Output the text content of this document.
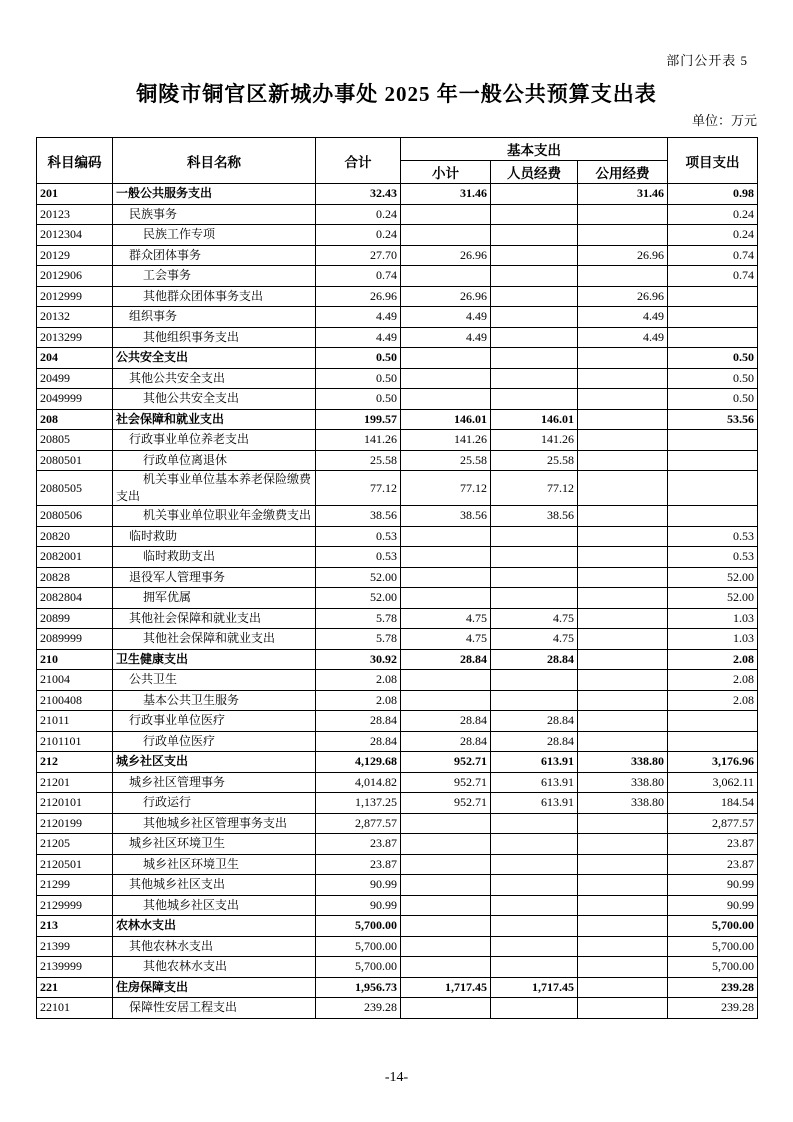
部门公开表 5
铜陵市铜官区新城办事处 2025 年一般公共预算支出表
单位：万元
科目编码	科目名称	合计	基本支出			项目支出
			小计	人员经费	公用经费	
201	一般公共服务支出	32.43	31.46		31.46	0.98
20123	民族事务	0.24				0.24
2012304	民族工作专项	0.24				0.24
20129	群众团体事务	27.70	26.96		26.96	0.74
2012906	工会事务	0.74				0.74
2012999	其他群众团体事务支出	26.96	26.96		26.96	
20132	组织事务	4.49	4.49		4.49	
2013299	其他组织事务支出	4.49	4.49		4.49	
204	公共安全支出	0.50				0.50
20499	其他公共安全支出	0.50				0.50
2049999	其他公共安全支出	0.50				0.50
208	社会保障和就业支出	199.57	146.01	146.01		53.56
20805	行政事业单位养老支出	141.26	141.26	141.26		
2080501	行政单位离退休	25.58	25.58	25.58		
2080505	机关事业单位基本养老保险缴费支出	77.12	77.12	77.12		
2080506	机关事业单位职业年金缴费支出	38.56	38.56	38.56		
20820	临时救助	0.53				0.53
2082001	临时救助支出	0.53				0.53
20828	退役军人管理事务	52.00				52.00
2082804	拥军优属	52.00				52.00
20899	其他社会保障和就业支出	5.78	4.75	4.75		1.03
2089999	其他社会保障和就业支出	5.78	4.75	4.75		1.03
210	卫生健康支出	30.92	28.84	28.84		2.08
21004	公共卫生	2.08				2.08
2100408	基本公共卫生服务	2.08				2.08
21011	行政事业单位医疗	28.84	28.84	28.84		
2101101	行政单位医疗	28.84	28.84	28.84		
212	城乡社区支出	4,129.68	952.71	613.91	338.80	3,176.96
21201	城乡社区管理事务	4,014.82	952.71	613.91	338.80	3,062.11
2120101	行政运行	1,137.25	952.71	613.91	338.80	184.54
2120199	其他城乡社区管理事务支出	2,877.57				2,877.57
21205	城乡社区环境卫生	23.87				23.87
2120501	城乡社区环境卫生	23.87				23.87
21299	其他城乡社区支出	90.99				90.99
2129999	其他城乡社区支出	90.99				90.99
213	农林水支出	5,700.00				5,700.00
21399	其他农林水支出	5,700.00				5,700.00
2139999	其他农林水支出	5,700.00				5,700.00
221	住房保障支出	1,956.73	1,717.45	1,717.45		239.28
22101	保障性安居工程支出	239.28				239.28
-14-
